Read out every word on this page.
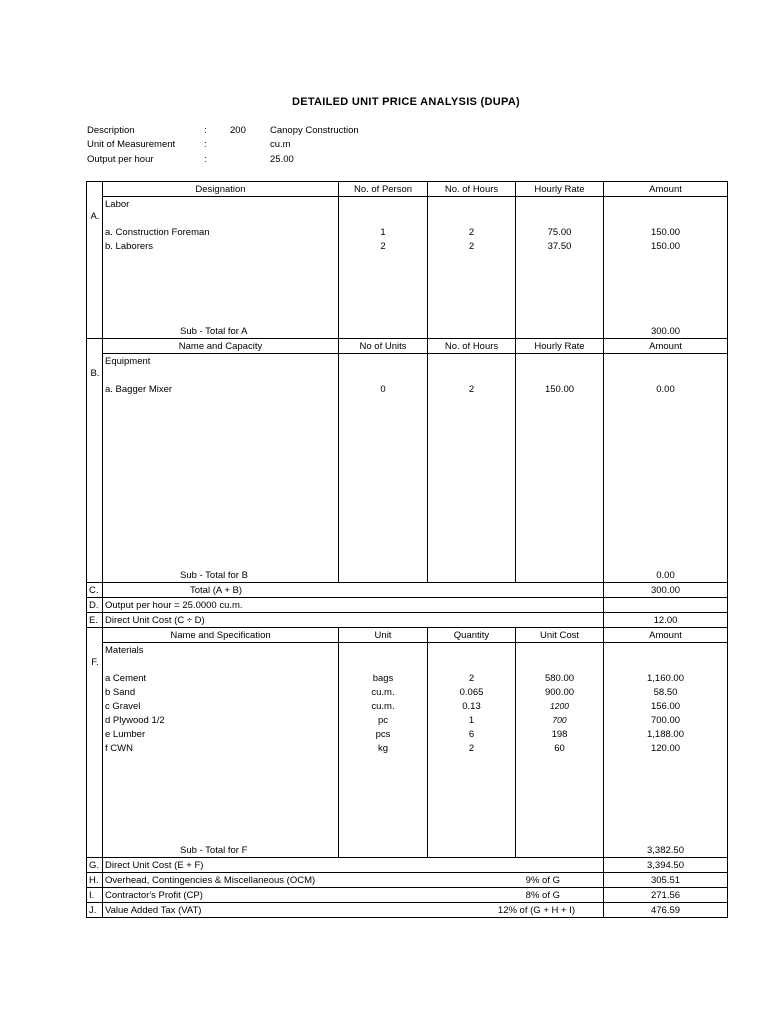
DETAILED UNIT PRICE ANALYSIS (DUPA)
Description	: 200	Canopy Construction
Unit of Measurement	:	cu.m
Output per hour	:	25.00
A.	Designation	No. of Person	No. of Hours	Hourly Rate	Amount
	Labor				

	a. Construction Foreman	1	2	75.00	150.00
	b. Laborers	2	2	37.50	150.00

	Sub - Total for A				300.00

B.	Name and Capacity	No of Units	No. of Hours	Hourly Rate	Amount
	Equipment				

	a. Bagger Mixer	0	2	150.00	0.00

	Sub - Total for B				0.00
C.	Total (A + B)				300.00
D.	Output per hour = 25.0000 cu.m.				
E.	Direct Unit Cost (C ÷ D)				12.00

F.	Name and Specification	Unit	Quantity	Unit Cost	Amount
	Materials				

	a Cement	bags	2	580.00	1,160.00
	b Sand	cu.m.	0.065	900.00	58.50
	c Gravel	cu.m.	0.13	1200	156.00
	d Plywood 1/2	pc	1	700	700.00
	e Lumber	pcs	6	198	1,188.00
	f CWN	kg	2	60	120.00

	Sub - Total for F				3,382.50
G.	Direct Unit Cost (E + F)				3,394.50
H.	Overhead, Contingencies & Miscellaneous (OCM)		9% of G		305.51
I.	Contractor's Profit (CP)		8% of G		271.56
J.	Value Added Tax (VAT)		12% of (G + H + I)		476.59
